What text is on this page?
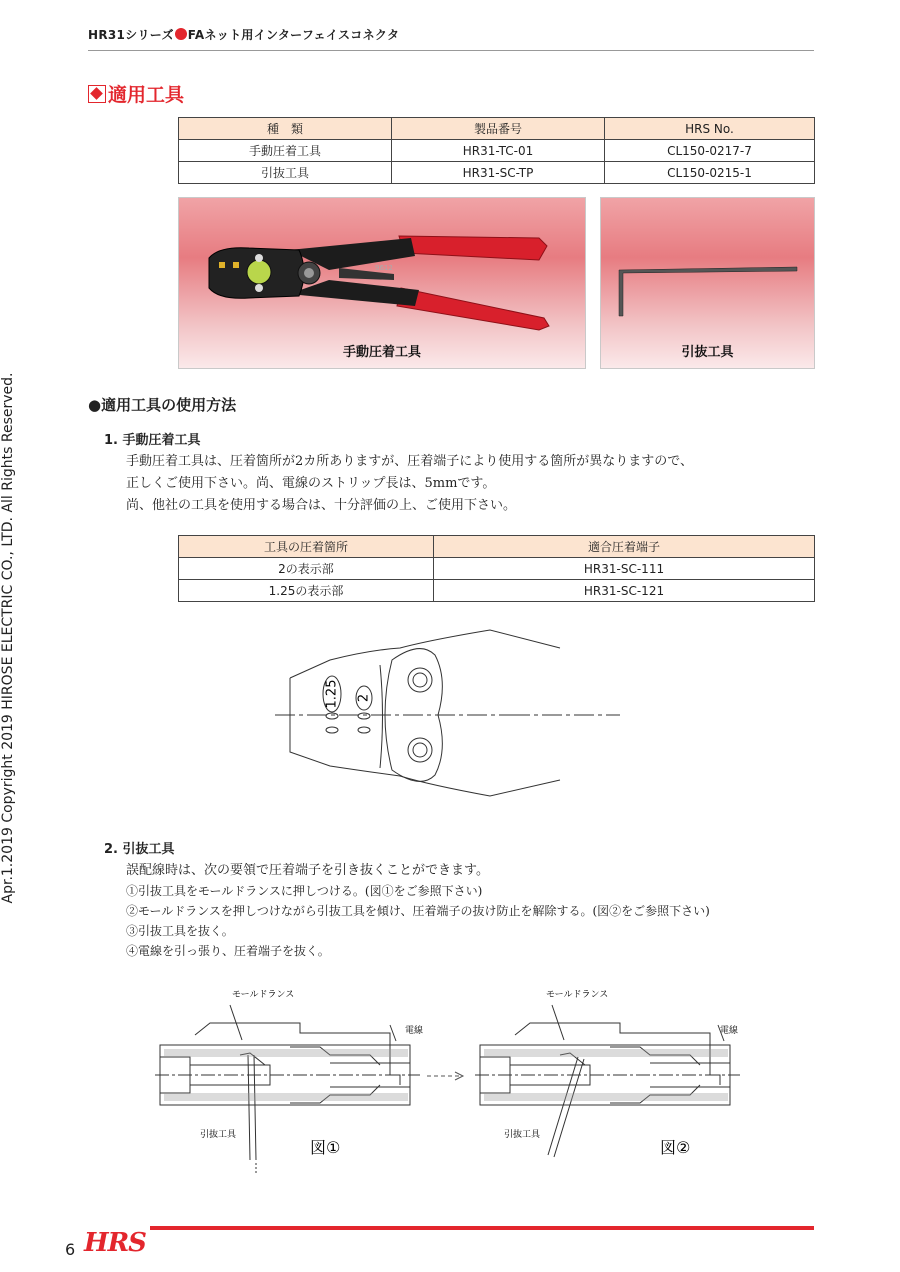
HR31シリーズ FAネット用インターフェイスコネクタ
Apr.1.2019 Copyright 2019 HIROSE ELECTRIC CO., LTD. All Rights Reserved.
適用工具
種　類	製品番号	HRS No.
手動圧着工具	HR31-TC-01	CL150-0217-7
引抜工具	HR31-SC-TP	CL150-0215-1
9612
手動圧着工具	引抜工具
●適用工具の使用方法
1. 手動圧着工具
手動圧着工具は、圧着箇所が2カ所ありますが、圧着端子により使用する箇所が異なりますので、
正しくご使用下さい。尚、電線のストリップ長は、5mmです。
尚、他社の工具を使用する場合は、十分評価の上、ご使用下さい。
工具の圧着箇所	適合圧着端子
2の表示部	HR31-SC-111
1.25の表示部	HR31-SC-121
1.25 2
2. 引抜工具
誤配線時は、次の要領で圧着端子を引き抜くことができます。
①引抜工具をモールドランスに押しつける。(図①をご参照下さい)
②モールドランスを押しつけながら引抜工具を傾け、圧着端子の抜け防止を解除する。(図②をご参照下さい)
③引抜工具を抜く。
④電線を引っ張り、圧着端子を抜く。
モールドランス
電線
引抜工具
図①
モールドランス
電線
引抜工具
図②
6 HRS
